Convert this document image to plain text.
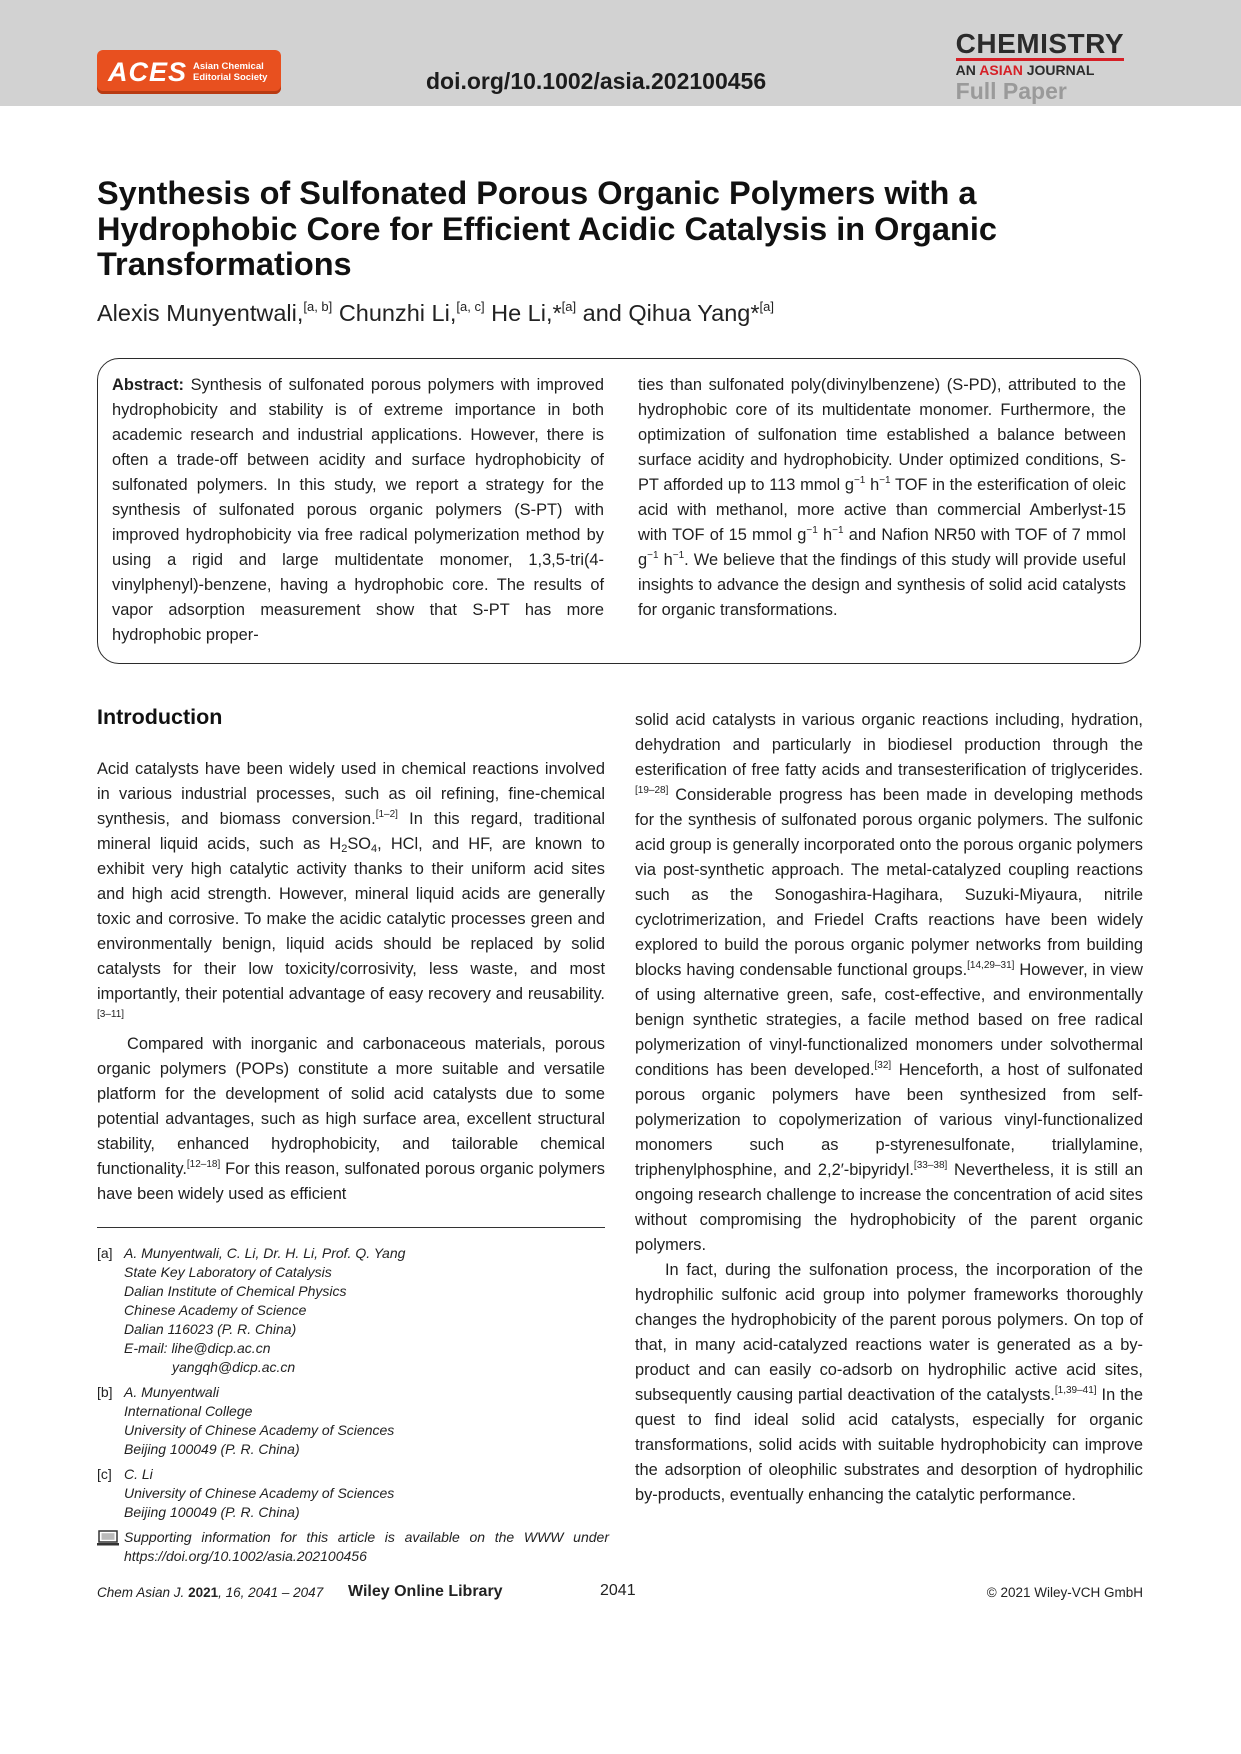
ACES Asian Chemical
Editorial Society	doi.org/10.1002/asia.202100456
CHEMISTRY
AN ASIAN JOURNAL
Full Paper
Synthesis of Sulfonated Porous Organic Polymers with a Hydrophobic Core for Efficient Acidic Catalysis in Organic Transformations
Alexis Munyentwali,[a, b] Chunzhi Li,[a, c] He Li,*[a] and Qihua Yang*[a]
Abstract: Synthesis of sulfonated porous polymers with improved hydrophobicity and stability is of extreme importance in both academic research and industrial applications. However, there is often a trade-off between acidity and surface hydrophobicity of sulfonated polymers. In this study, we report a strategy for the synthesis of sulfonated porous organic polymers (S-PT) with improved hydrophobicity via free radical polymerization method by using a rigid and large multidentate monomer, 1,3,5-tri(4-vinylphenyl)-benzene, having a hydrophobic core. The results of vapor adsorption measurement show that S-PT has more hydrophobic proper-
ties than sulfonated poly(divinylbenzene) (S-PD), attributed to the hydrophobic core of its multidentate monomer. Furthermore, the optimization of sulfonation time established a balance between surface acidity and hydrophobicity. Under optimized conditions, S-PT afforded up to 113 mmol g$^{-1}$ h$^{-1}$ TOF in the esterification of oleic acid with methanol, more active than commercial Amberlyst-15 with TOF of 15 mmol g$^{-1}$ h$^{-1}$ and Nafion NR50 with TOF of 7 mmol g$^{-1}$ h$^{-1}$. We believe that the findings of this study will provide useful insights to advance the design and synthesis of solid acid catalysts for organic transformations.
Introduction

Acid catalysts have been widely used in chemical reactions involved in various industrial processes, such as oil refining, fine-chemical synthesis, and biomass conversion.[1–2] In this regard, traditional mineral liquid acids, such as $H_2SO_4$, HCl, and HF, are known to exhibit very high catalytic activity thanks to their uniform acid sites and high acid strength. However, mineral liquid acids are generally toxic and corrosive. To make the acidic catalytic processes green and environmentally benign, liquid acids should be replaced by solid catalysts for their low toxicity/corrosivity, less waste, and most importantly, their potential advantage of easy recovery and reusability.[3–11]

Compared with inorganic and carbonaceous materials, porous organic polymers (POPs) constitute a more suitable and versatile platform for the development of solid acid catalysts due to some potential advantages, such as high surface area, excellent structural stability, enhanced hydrophobicity, and tailorable chemical functionality.[12–18] For this reason, sulfonated porous organic polymers have been widely used as efficient

solid acid catalysts in various organic reactions including, hydration, dehydration and particularly in biodiesel production through the esterification of free fatty acids and transesterification of triglycerides.[19–28] Considerable progress has been made in developing methods for the synthesis of sulfonated porous organic polymers. The sulfonic acid group is generally incorporated onto the porous organic polymers via post-synthetic approach. The metal-catalyzed coupling reactions such as the Sonogashira-Hagihara, Suzuki-Miyaura, nitrile cyclotrimerization, and Friedel Crafts reactions have been widely explored to build the porous organic polymer networks from building blocks having condensable functional groups.[14,29–31] However, in view of using alternative green, safe, cost-effective, and environmentally benign synthetic strategies, a facile method based on free radical polymerization of vinyl-functionalized monomers under solvothermal conditions has been developed.[32] Henceforth, a host of sulfonated porous organic polymers have been synthesized from self-polymerization to copolymerization of various vinyl-functionalized monomers such as p-styrenesulfonate, triallylamine, triphenylphosphine, and 2,2′-bipyridyl.[33–38] Nevertheless, it is still an ongoing research challenge to increase the concentration of acid sites without compromising the hydrophobicity of the parent organic polymers.

In fact, during the sulfonation process, the incorporation of the hydrophilic sulfonic acid group into polymer frameworks thoroughly changes the hydrophobicity of the parent porous polymers. On top of that, in many acid-catalyzed reactions water is generated as a by-product and can easily co-adsorb on hydrophilic active acid sites, subsequently causing partial deactivation of the catalysts.[1,39–41] In the quest to find ideal solid acid catalysts, especially for organic transformations, solid acids with suitable hydrophobicity can improve the adsorption of oleophilic substrates and desorption of hydrophilic by-products, eventually enhancing the catalytic performance.

[a] A. Munyentwali, C. Li, Dr. H. Li, Prof. Q. Yang
State Key Laboratory of Catalysis
Dalian Institute of Chemical Physics
Chinese Academy of Science
Dalian 116023 (P. R. China)
E-mail: lihe@dicp.ac.cn
yangqh@dicp.ac.cn
[b] A. Munyentwali
International College
University of Chinese Academy of Sciences
Beijing 100049 (P. R. China)
[c] C. Li
University of Chinese Academy of Sciences
Beijing 100049 (P. R. China)
Supporting information for this article is available on the WWW under https://doi.org/10.1002/asia.202100456
Chem Asian J. 2021, 16, 2041 – 2047 Wiley Online Library	2041	© 2021 Wiley-VCH GmbH
